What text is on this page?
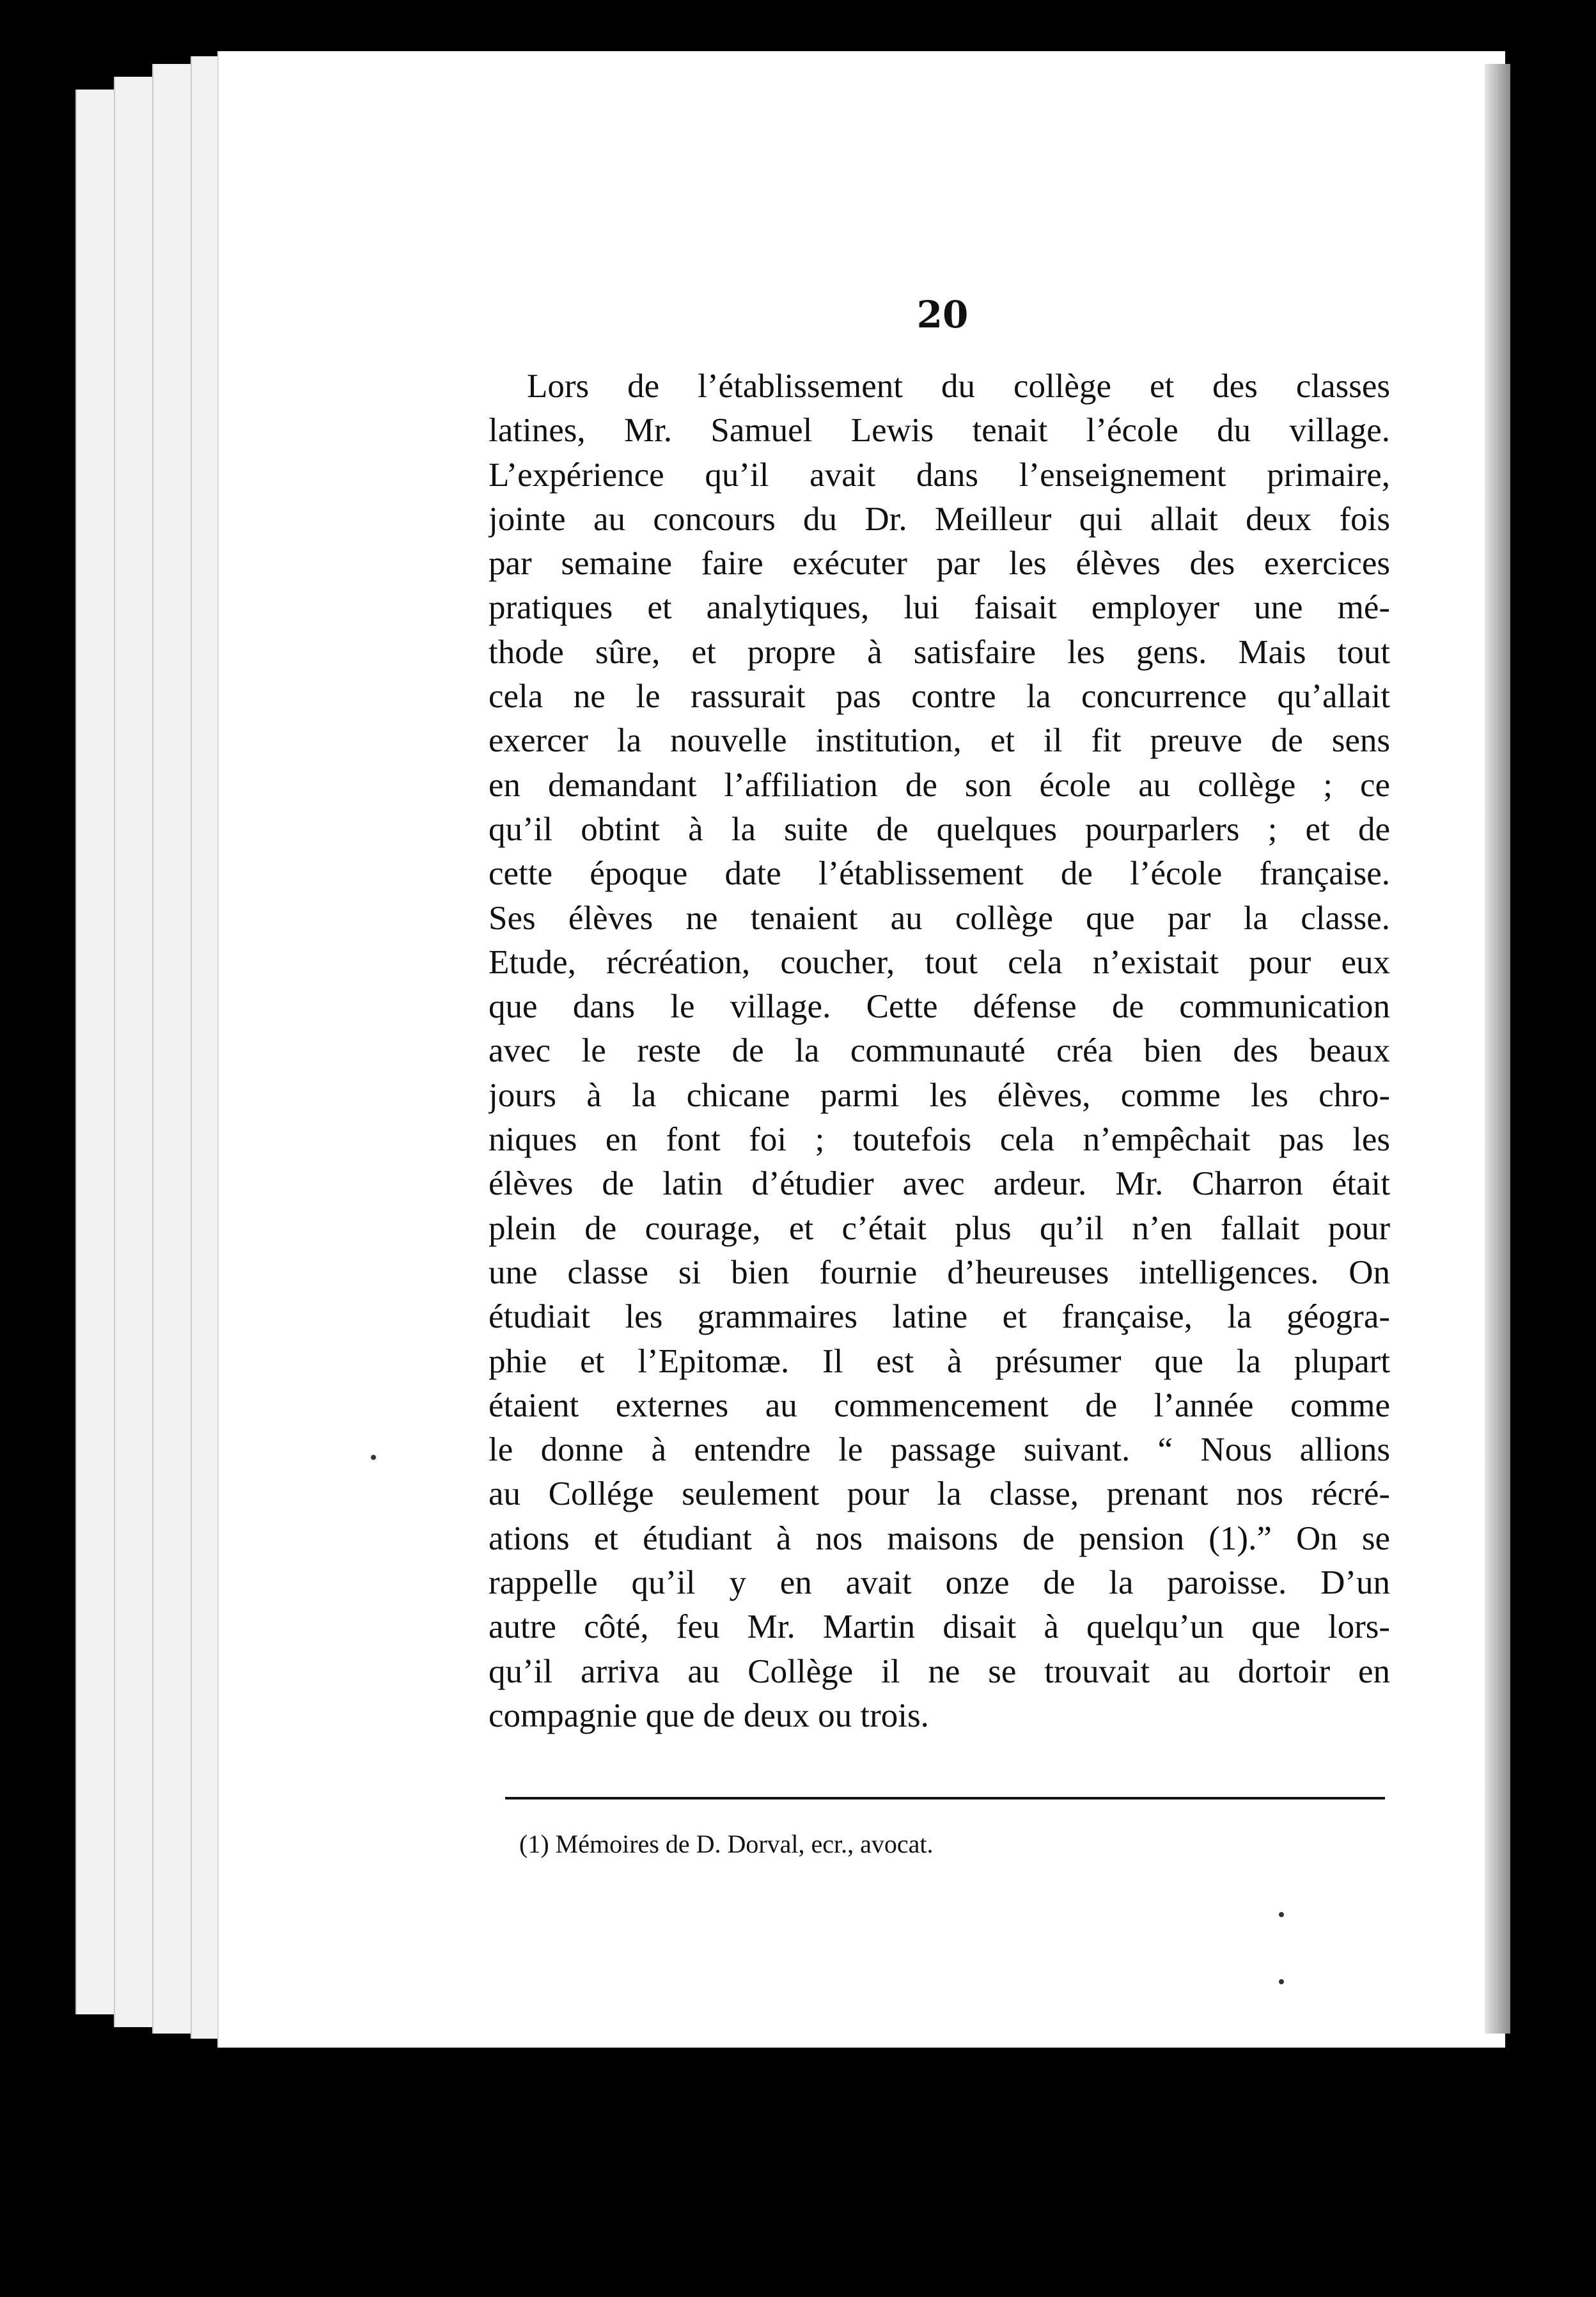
20
Lors de l’établissement du collège et des classes
latines, Mr. Samuel Lewis tenait l’école du village.
L’expérience qu’il avait dans l’enseignement primaire,
jointe au concours du Dr. Meilleur qui allait deux fois
par semaine faire exécuter par les élèves des exercices
pratiques et analytiques, lui faisait employer une mé-
thode sûre, et propre à satisfaire les gens. Mais tout
cela ne le rassurait pas contre la concurrence qu’allait
exercer la nouvelle institution, et il fit preuve de sens
en demandant l’affiliation de son école au collège ; ce
qu’il obtint à la suite de quelques pourparlers ; et de
cette époque date l’établissement de l’école française.
Ses élèves ne tenaient au collège que par la classe.
Etude, récréation, coucher, tout cela n’existait pour eux
que dans le village. Cette défense de communication
avec le reste de la communauté créa bien des beaux
jours à la chicane parmi les élèves, comme les chro-
niques en font foi ; toutefois cela n’empêchait pas les
élèves de latin d’étudier avec ardeur. Mr. Charron était
plein de courage, et c’était plus qu’il n’en fallait pour
une classe si bien fournie d’heureuses intelligences. On
étudiait les grammaires latine et française, la géogra-
phie et l’Epitomæ. Il est à présumer que la plupart
étaient externes au commencement de l’année comme
le donne à entendre le passage suivant. “ Nous allions
au Collége seulement pour la classe, prenant nos récré-
ations et étudiant à nos maisons de pension (1).” On se
rappelle qu’il y en avait onze de la paroisse. D’un
autre côté, feu Mr. Martin disait à quelqu’un que lors-
qu’il arriva au Collège il ne se trouvait au dortoir en
compagnie que de deux ou trois.
(1) Mémoires de D. Dorval, ecr., avocat.
